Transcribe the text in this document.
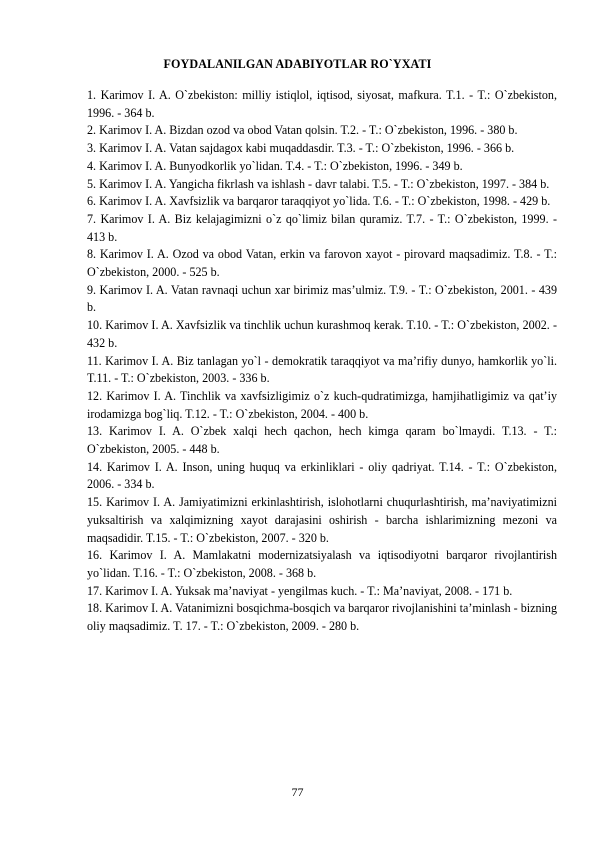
FOYDALANILGAN ADABIYOTLAR RO`YXATI

1. Karimov I. A. O`zbekiston: milliy istiqlol, iqtisod, siyosat, mafkura. T.1. - T.: O`zbekiston, 1996. - 364 b.

2. Karimov I. A. Bizdan ozod va obod Vatan qolsin. T.2. - T.: O`zbekiston, 1996. - 380 b.

3. Karimov I. A. Vatan sajdagox kabi muqaddasdir. T.3. - T.: O`zbekiston, 1996. - 366 b.

4. Karimov I. A. Bunyodkorlik yo`lidan. T.4. - T.: O`zbekiston, 1996. - 349 b.

5. Karimov I. A. Yangicha fikrlash va ishlash - davr talabi. T.5. - T.: O`zbekiston, 1997. - 384 b.

6. Karimov I. A. Xavfsizlik va barqaror taraqqiyot yo`lida. T.6. - T.: O`zbekiston, 1998. - 429 b.

7. Karimov I. A. Biz kelajagimizni o`z qo`limiz bilan quramiz. T.7. - T.: O`zbekiston, 1999. - 413 b.

8. Karimov I. A. Ozod va obod Vatan, erkin va farovon xayot - pirovard maqsadimiz. T.8. - T.: O`zbekiston, 2000. - 525 b.

9. Karimov I. A. Vatan ravnaqi uchun xar birimiz mas’ulmiz. T.9. - T.: O`zbekiston, 2001. - 439 b.

10. Karimov I. A. Xavfsizlik va tinchlik uchun kurashmoq kerak. T.10. - T.: O`zbekiston, 2002. - 432 b.

11. Karimov I. A. Biz tanlagan yo`l - demokratik taraqqiyot va ma’rifiy dunyo, hamkorlik yo`li. T.11. - T.: O`zbekiston, 2003. - 336 b.

12. Karimov I. A. Tinchlik va xavfsizligimiz o`z kuch-qudratimizga, hamjihatligimiz va qat’iy irodamizga bog`liq. T.12. - T.: O`zbekiston, 2004. - 400 b.

13. Karimov I. A. O`zbek xalqi hech qachon, hech kimga qaram bo`lmaydi. T.13. - T.: O`zbekiston, 2005. - 448 b.

14. Karimov I. A. Inson, uning huquq va erkinliklari - oliy qadriyat. T.14. - T.: O`zbekiston, 2006. - 334 b.

15. Karimov I. A. Jamiyatimizni erkinlashtirish, islohotlarni chuqurlashtirish, ma’naviyatimizni yuksaltirish va xalqimizning xayot darajasini oshirish - barcha ishlarimizning mezoni va maqsadidir. T.15. - T.: O`zbekiston, 2007. - 320 b.

16. Karimov I. A. Mamlakatni modernizatsiyalash va iqtisodiyotni barqaror rivojlantirish yo`lidan. T.16. - T.: O`zbekiston, 2008. - 368 b.

17. Karimov I. A. Yuksak ma’naviyat - yengilmas kuch. - T.: Ma’naviyat, 2008. - 171 b.

18. Karimov I. A. Vatanimizni bosqichma-bosqich va barqaror rivojlanishini ta’minlash - bizning oliy maqsadimiz. T. 17. - T.: O`zbekiston, 2009. - 280 b.

77
